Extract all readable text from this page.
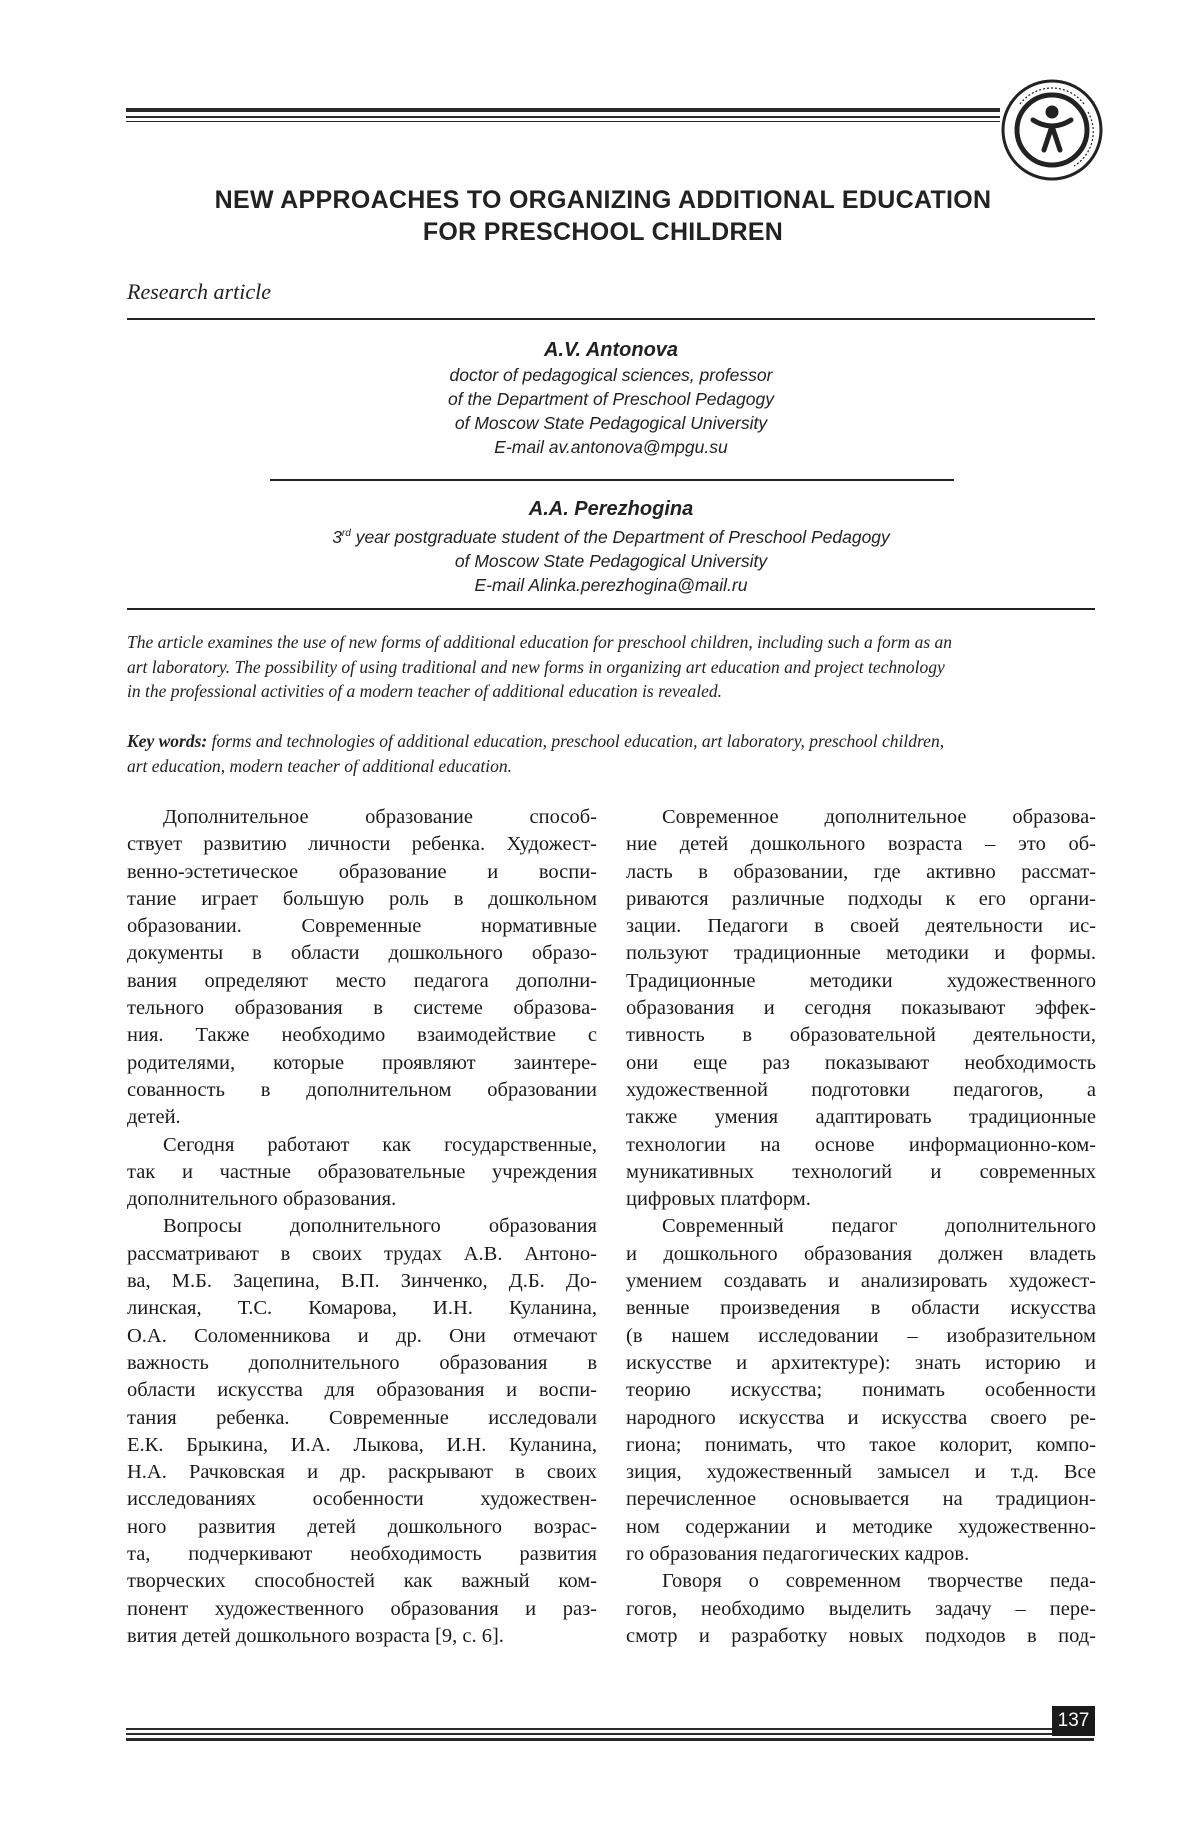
NEW APPROACHES TO ORGANIZING ADDITIONAL EDUCATION
FOR PRESCHOOL CHILDREN
Research article
A.V. Antonova
doctor of pedagogical sciences, professor
of the Department of Preschool Pedagogy
of Moscow State Pedagogical University
E-mail av.antonova@mpgu.su
A.A. Perezhogina
3rd year postgraduate student of the Department of Preschool Pedagogy
of Moscow State Pedagogical University
E-mail Alinka.perezhogina@mail.ru
The article examines the use of new forms of additional education for preschool children, including such a form as an
art laboratory. The possibility of using traditional and new forms in organizing art education and project technology
in the professional activities of a modern teacher of additional education is revealed.
Key words: forms and technologies of additional education, preschool education, art laboratory, preschool children,
art education, modern teacher of additional education.
Дополнительное образование способ-
ствует развитию личности ребенка. Художест-
венно-эстетическое образование и воспи-
тание играет большую роль в дошкольном
образовании. Современные нормативные
документы в области дошкольного образо-
вания определяют место педагога дополни-
тельного образования в системе образова-
ния. Также необходимо взаимодействие с
родителями, которые проявляют заинтере-
сованность в дополнительном образовании
детей.
Сегодня работают как государственные,
так и частные образовательные учреждения
дополнительного образования.
Вопросы дополнительного образования
рассматривают в своих трудах А.В. Антоно-
ва, М.Б. Зацепина, В.П. Зинченко, Д.Б. До-
линская, Т.С. Комарова, И.Н. Куланина,
О.А. Соломенникова и др. Они отмечают
важность дополнительного образования в
области искусства для образования и воспи-
тания ребенка. Современные исследовали
Е.К. Брыкина, И.А. Лыкова, И.Н. Куланина,
Н.А. Рачковская и др. раскрывают в своих
исследованиях особенности художествен-
ного развития детей дошкольного возрас-
та, подчеркивают необходимость развития
творческих способностей как важный ком-
понент художественного образования и раз-
вития детей дошкольного возраста [9, с. 6].
Современное дополнительное образова-
ние детей дошкольного возраста – это об-
ласть в образовании, где активно рассмат-
риваются различные подходы к его органи-
зации. Педагоги в своей деятельности ис-
пользуют традиционные методики и формы.
Традиционные методики художественного
образования и сегодня показывают эффек-
тивность в образовательной деятельности,
они еще раз показывают необходимость
художественной подготовки педагогов, а
также умения адаптировать традиционные
технологии на основе информационно-ком-
муникативных технологий и современных
цифровых платформ.
Современный педагог дополнительного
и дошкольного образования должен владеть
умением создавать и анализировать художест-
венные произведения в области искусства
(в нашем исследовании – изобразительном
искусстве и архитектуре): знать историю и
теорию искусства; понимать особенности
народного искусства и искусства своего ре-
гиона; понимать, что такое колорит, компо-
зиция, художественный замысел и т.д. Все
перечисленное основывается на традицион-
ном содержании и методике художественно-
го образования педагогических кадров.
Говоря о современном творчестве педа-
гогов, необходимо выделить задачу – пере-
смотр и разработку новых подходов в под-
137
